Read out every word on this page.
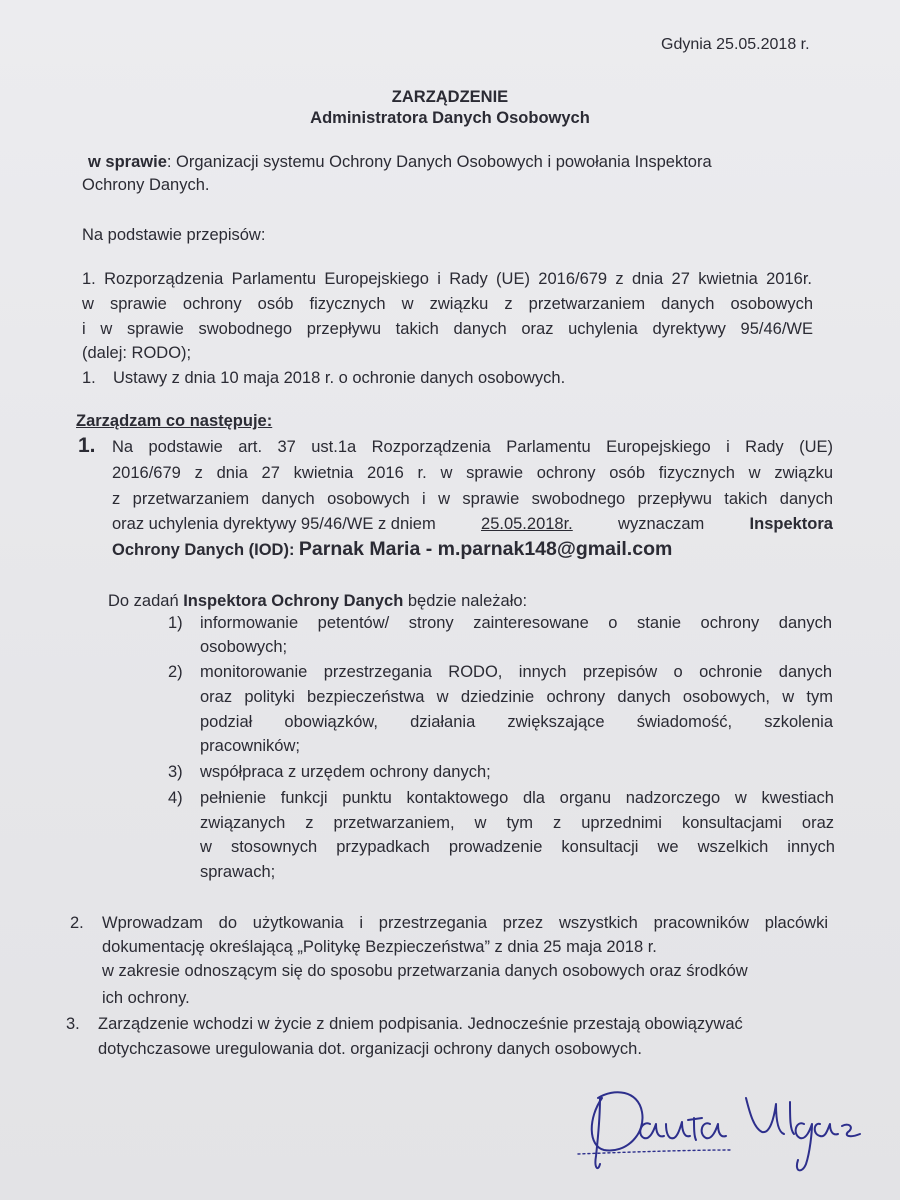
Gdynia 25.05.2018 r.
ZARZĄDZENIE
Administratora Danych Osobowych
w sprawie: Organizacji systemu Ochrony Danych Osobowych i powołania Inspektora
Ochrony Danych.
Na podstawie przepisów:
1. Rozporządzenia Parlamentu Europejskiego i Rady (UE) 2016/679 z dnia 27 kwietnia 2016r.
w sprawie ochrony osób fizycznych w związku z przetwarzaniem danych osobowych
i w sprawie swobodnego przepływu takich danych oraz uchylenia dyrektywy 95/46/WE
(dalej: RODO);
1. Ustawy z dnia 10 maja 2018 r. o ochronie danych osobowych.
Zarządzam co następuje:
1. Na podstawie art. 37 ust.1a Rozporządzenia Parlamentu Europejskiego i Rady (UE)
2016/679 z dnia 27 kwietnia 2016 r. w sprawie ochrony osób fizycznych w związku
z przetwarzaniem danych osobowych i w sprawie swobodnego przepływu takich danych
oraz uchylenia dyrektywy 95/46/WE z dniem	25.05.2018r.	wyznaczam	Inspektora
Ochrony Danych (IOD): Parnak Maria - m.parnak148@gmail.com
Do zadań Inspektora Ochrony Danych będzie należało:
1) informowanie petentów/ strony zainteresowane o stanie ochrony danych
osobowych;
2) monitorowanie przestrzegania RODO, innych przepisów o ochronie danych
oraz polityki bezpieczeństwa w dziedzinie ochrony danych osobowych, w tym
podział obowiązków, działania zwiększające świadomość, szkolenia
pracowników;
3) współpraca z urzędem ochrony danych;
4) pełnienie funkcji punktu kontaktowego dla organu nadzorczego w kwestiach
związanych z przetwarzaniem, w tym z uprzednimi konsultacjami oraz
w stosownych przypadkach prowadzenie konsultacji we wszelkich innych
sprawach;
2. Wprowadzam do użytkowania i przestrzegania przez wszystkich pracowników placówki
dokumentację określającą „Politykę Bezpieczeństwa” z dnia 25 maja 2018 r.
w zakresie odnoszącym się do sposobu przetwarzania danych osobowych oraz środków
ich ochrony.
3. Zarządzenie wchodzi w życie z dniem podpisania. Jednocześnie przestają obowiązywać
dotychczasowe uregulowania dot. organizacji ochrony danych osobowych.
